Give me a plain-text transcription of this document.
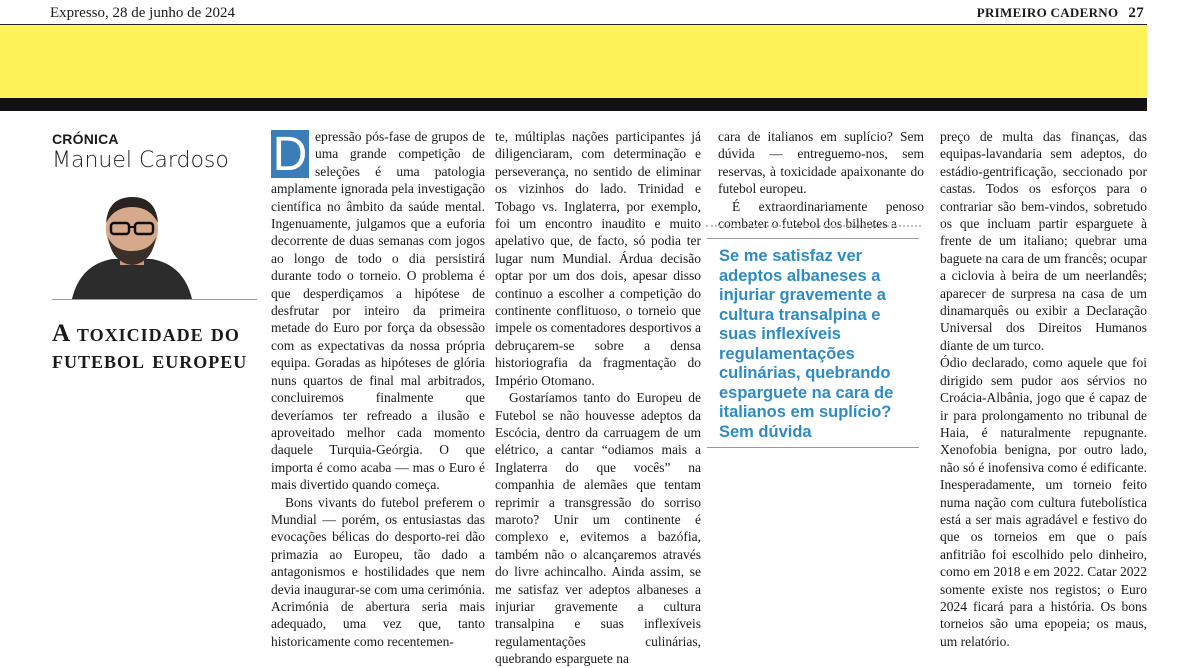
Expresso, 28 de junho de 2024	PRIMEIRO CADERNO 27
CRÓNICA
Manuel Cardoso
A toxicidade do futebol europeu

D epressão pós-fase de grupos de uma grande competição de seleções é uma patologia amplamente ignorada pela investigação científica no âmbito da saúde mental. Ingenuamente, julgamos que a euforia decorrente de duas semanas com jogos ao longo de todo o dia persistirá durante todo o torneio. O problema é que desperdiçamos a hipótese de desfrutar por inteiro da primeira metade do Euro por força da obsessão com as expectativas da nossa própria equipa. Goradas as hipóteses de glória nuns quartos de final mal arbitrados, concluiremos finalmente que deveríamos ter refreado a ilusão e aproveitado melhor cada momento daquele Turquia-Geórgia. O que importa é como acaba — mas o Euro é mais divertido quando começa.

Bons vivants do futebol preferem o Mundial — porém, os entusiastas das evocações bélicas do desporto-rei dão primazia ao Europeu, tão dado a antagonismos e hostilidades que nem devia inaugurar-se com uma cerimónia. Acrimónia de abertura seria mais adequado, uma vez que, tanto historicamente como recentemen-

te, múltiplas nações participantes já diligenciaram, com determinação e perseverança, no sentido de eliminar os vizinhos do lado. Trinidad e Tobago vs. Inglaterra, por exemplo, foi um encontro inaudito e muito apelativo que, de facto, só podia ter lugar num Mundial. Árdua decisão optar por um dos dois, apesar disso continuo a escolher a competição do continente conflituoso, o torneio que impele os comentadores desportivos a debruçarem-se sobre a densa historiografia da fragmentação do Império Otomano.

Gostaríamos tanto do Europeu de Futebol se não houvesse adeptos da Escócia, dentro da carruagem de um elétrico, a cantar “odiamos mais a Inglaterra do que vocês” na companhia de alemães que tentam reprimir a transgressão do sorriso maroto? Unir um continente é complexo e, evitemos a bazófia, também não o alcançaremos através do livre achincalho. Ainda assim, se me satisfaz ver adeptos albaneses a injuriar gravemente a cultura transalpina e suas inflexíveis regulamentações culinárias, quebrando esparguete na

cara de italianos em suplício? Sem dúvida — entreguemo-nos, sem reservas, à toxicidade apaixonante do futebol europeu.

É extraordinariamente penoso combater o futebol dos bilhetes a

Se me satisfaz ver adeptos albaneses a injuriar gravemente a cultura transalpina e suas inflexíveis regulamentações culinárias, quebrando esparguete na cara de italianos em suplício? Sem dúvida

preço de multa das finanças, das equipas-lavandaria sem adeptos, do estádio-gentrificação, seccionado por castas. Todos os esforços para o contrariar são bem-vindos, sobretudo os que incluam partir esparguete à frente de um italiano; quebrar uma baguete na cara de um francês; ocupar a ciclovia à beira de um neerlandês; aparecer de surpresa na casa de um dinamarquês ou exibir a Declaração Universal dos Direitos Humanos diante de um turco.

Ódio declarado, como aquele que foi dirigido sem pudor aos sérvios no Croácia-Albânia, jogo que é capaz de ir para prolongamento no tribunal de Haia, é naturalmente repugnante. Xenofobia benigna, por outro lado, não só é inofensiva como é edificante. Inesperadamente, um torneio feito numa nação com cultura futebolística está a ser mais agradável e festivo do que os torneios em que o país anfitrião foi escolhido pelo dinheiro, como em 2018 e em 2022. Catar 2022 somente existe nos registos; o Euro 2024 ficará para a história. Os bons torneios são uma epopeia; os maus, um relatório.
